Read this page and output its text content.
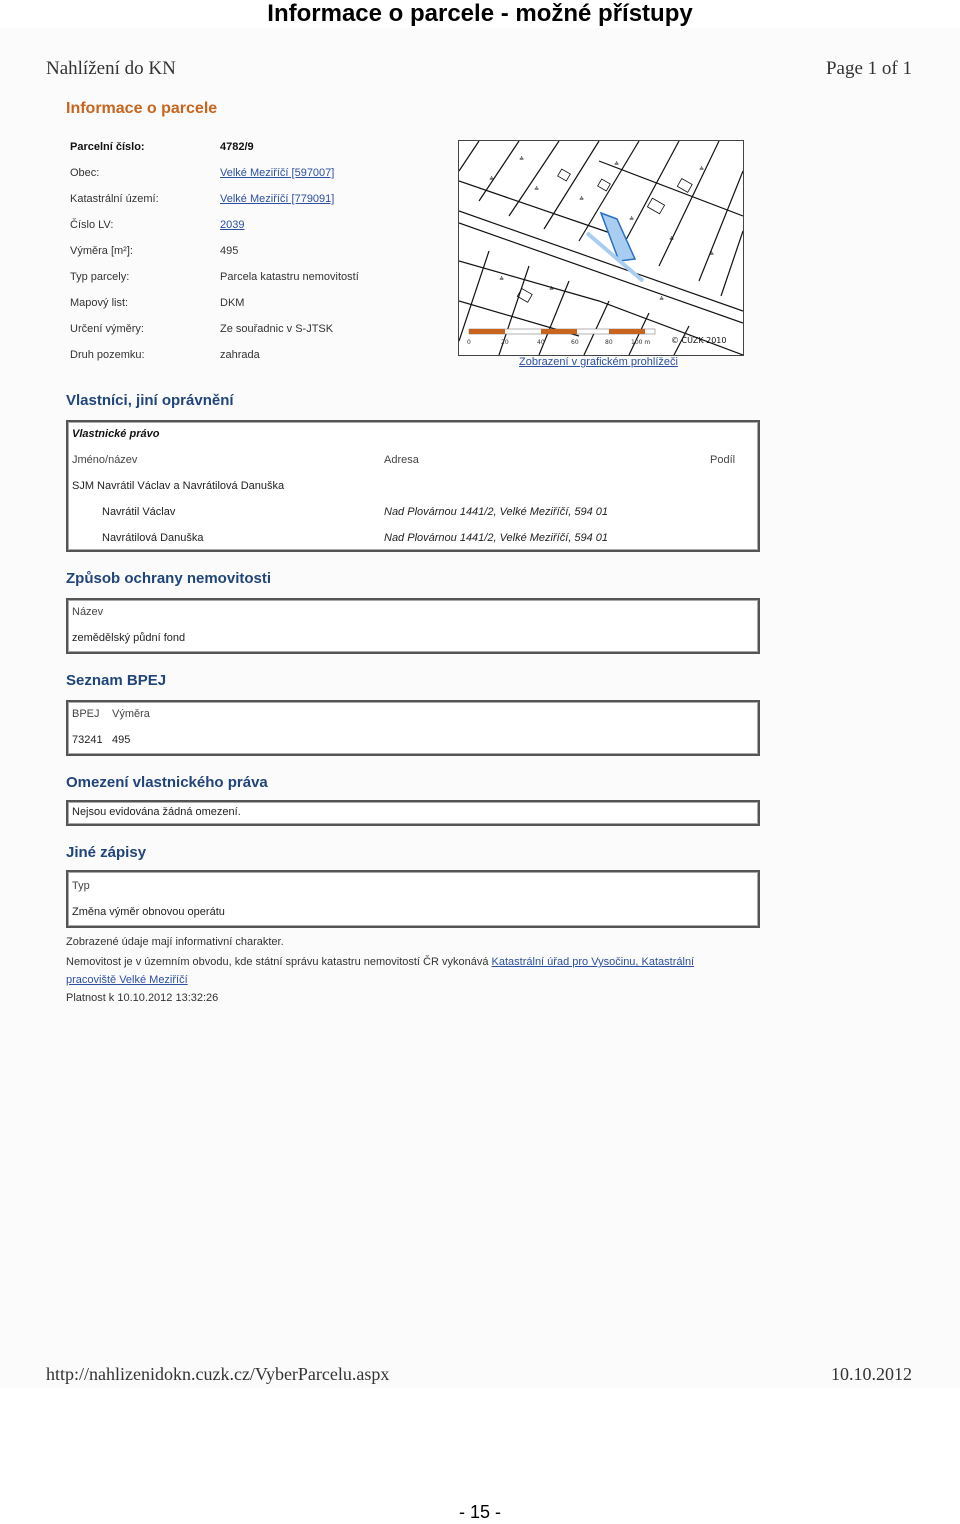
Informace o parcele - možné přístupy
Nahlížení do KN	Page 1 of 1
Informace o parcele
Parcelní číslo:	4782/9
Obec:	Velké Meziříčí [597007]
Katastrální území:	Velké Meziříčí [779091]
Číslo LV:	2039
Výměra [m²]:	495
Typ parcely:	Parcela katastru nemovitostí
Mapový list:	DKM
Určení výměry:	Ze souřadnic v S-JTSK
Druh pozemku:	zahrada
≙
≙
≙
≙
≙
≙
≙
≙
≙
≙
≙
≙
0	20	40	60	80	100 m	© ČÚZK 2010
Zobrazení v grafickém prohlížeči
Vlastníci, jiní oprávnění
Vlastnické právo
Jméno/název	Adresa	Podíl
SJM Navrátil Václav a Navrátilová Danuška
Navrátil Václav	Nad Plovárnou 1441/2, Velké Meziříčí, 594 01
Navrátilová Danuška	Nad Plovárnou 1441/2, Velké Meziříčí, 594 01
Způsob ochrany nemovitosti
Název
zemědělský půdní fond
Seznam BPEJ
BPEJ Výměra
73241 495
Omezení vlastnického práva
Nejsou evidována žádná omezení.
Jiné zápisy
Typ
Změna výměr obnovou operátu
Zobrazené údaje mají informativní charakter.
Nemovitost je v územním obvodu, kde státní správu katastru nemovitostí ČR vykonává Katastrální úřad pro Vysočinu, Katastrální
pracoviště Velké Meziříčí
Platnost k 10.10.2012 13:32:26
http://nahlizenidokn.cuzk.cz/VyberParcelu.aspx	10.10.2012
- 15 -
